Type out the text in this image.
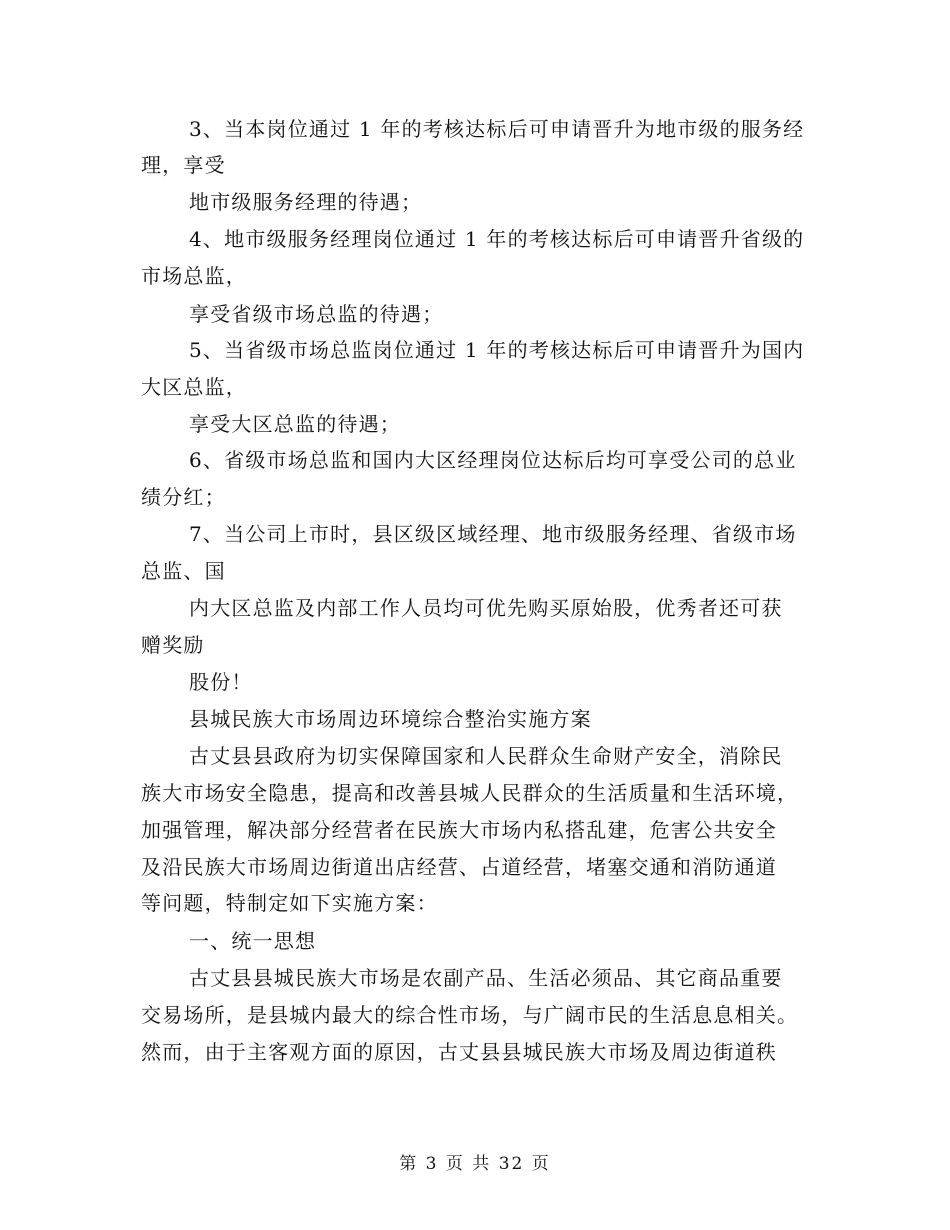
3、当本岗位通过 1 年的考核达标后可申请晋升为地市级的服务经
理，享受
地市级服务经理的待遇；
4、地市级服务经理岗位通过 1 年的考核达标后可申请晋升省级的
市场总监，
享受省级市场总监的待遇；
5、当省级市场总监岗位通过 1 年的考核达标后可申请晋升为国内
大区总监，
享受大区总监的待遇；
6、省级市场总监和国内大区经理岗位达标后均可享受公司的总业
绩分红；
7、当公司上市时，县区级区域经理、地市级服务经理、省级市场
总监、国
内大区总监及内部工作人员均可优先购买原始股，优秀者还可获
赠奖励
股份！
县城民族大市场周边环境综合整治实施方案
古丈县县政府为切实保障国家和人民群众生命财产安全，消除民
族大市场安全隐患，提高和改善县城人民群众的生活质量和生活环境，
加强管理，解决部分经营者在民族大市场内私搭乱建，危害公共安全
及沿民族大市场周边街道出店经营、占道经营，堵塞交通和消防通道
等问题，特制定如下实施方案：
一、统一思想
古丈县县城民族大市场是农副产品、生活必须品、其它商品重要
交易场所，是县城内最大的综合性市场，与广阔市民的生活息息相关。
然而，由于主客观方面的原因，古丈县县城民族大市场及周边街道秩
第 3 页 共 32 页
